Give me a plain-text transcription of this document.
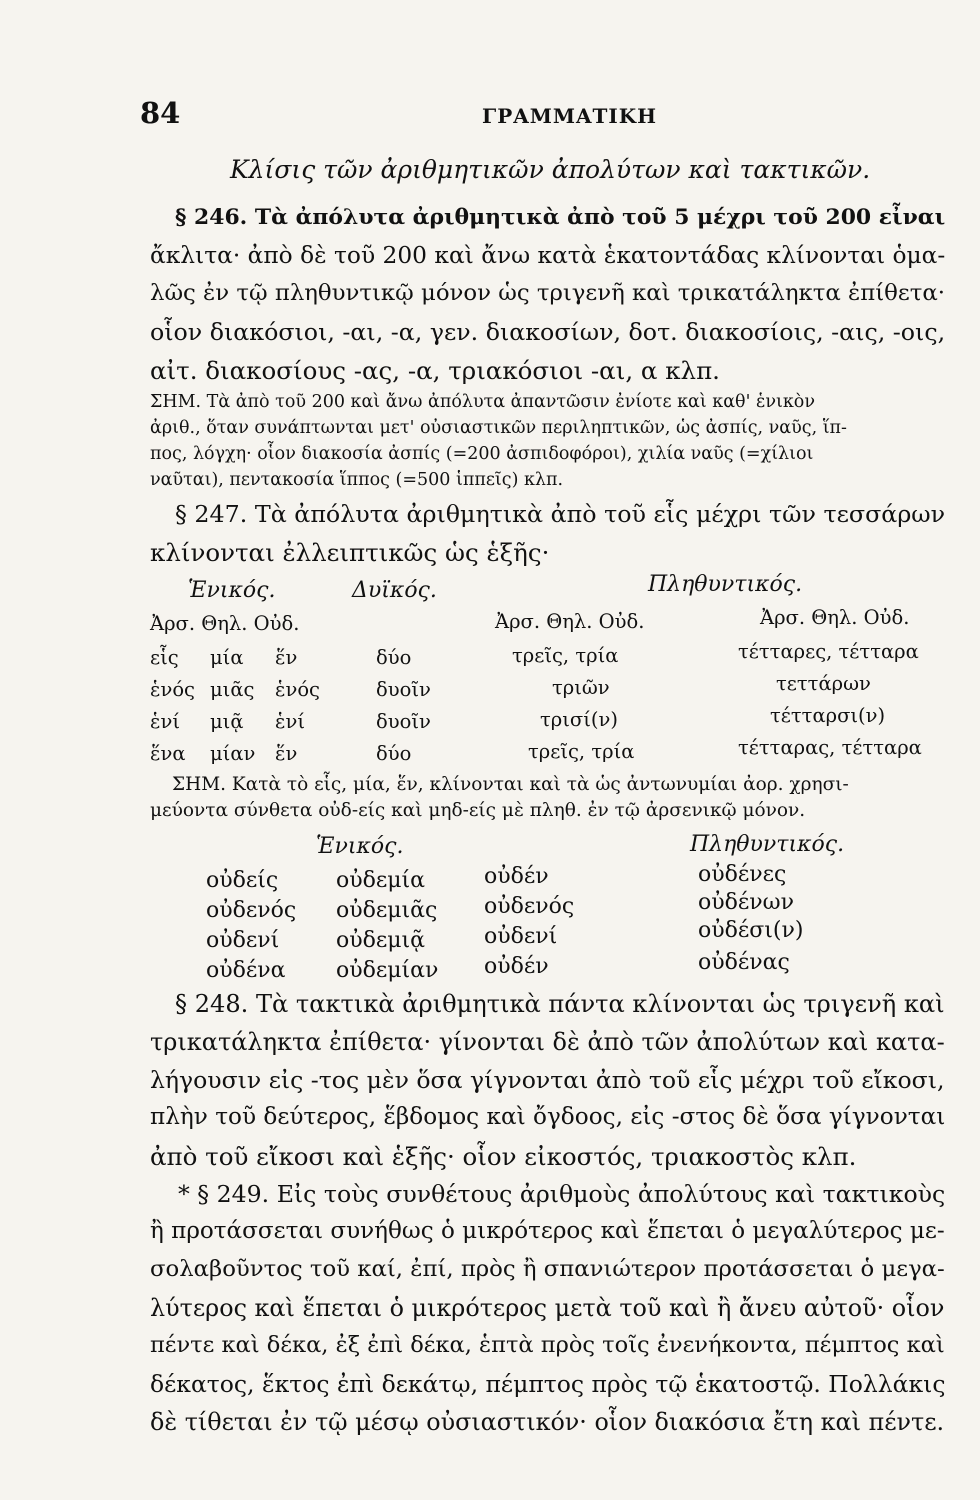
84	ΓΡΑΜΜΑΤΙΚΗ
Κλίσις τῶν ἀριθμητικῶν ἀπολύτων καὶ τακτικῶν.
§ 246. Τὰ ἀπόλυτα ἀριθμητικὰ ἀπὸ τοῦ 5 μέχρι τοῦ 200 εἶναι
ἄκλιτα· ἀπὸ δὲ τοῦ 200 καὶ ἄνω κατὰ ἑκατοντάδας κλίνονται ὁμα-
λῶς ἐν τῷ πληθυντικῷ μόνον ὡς τριγενῆ καὶ τρικατάληκτα ἐπίθετα·
οἷον διακόσιοι, -αι, -α, γεν. διακοσίων, δοτ. διακοσίοις, -αις, -οις,
αἰτ. διακοσίους -ας, -α, τριακόσιοι -αι, α κλπ.
ΣΗΜ. Τὰ ἀπὸ τοῦ 200 καὶ ἄνω ἀπόλυτα ἀπαντῶσιν ἐνίοτε καὶ καθ' ἑνικὸν
ἀριθ., ὅταν συνάπτωνται μετ' οὐσιαστικῶν περιληπτικῶν, ὡς ἀσπίς, ναῦς, ἵπ-
πος, λόγχη· οἷον διακοσία ἀσπίς (=200 ἀσπιδοφόροι), χιλία ναῦς (=χίλιοι
ναῦται), πεντακοσία ἵππος (=500 ἱππεῖς) κλπ.
§ 247. Τὰ ἀπόλυτα ἀριθμητικὰ ἀπὸ τοῦ εἷς μέχρι τῶν τεσσάρων
κλίνονται ἐλλειπτικῶς ὡς ἑξῆς·
Ἑνικός.	Δυϊκός.	Πληθυντικός.
Ἀρσ. Θηλ. Οὐδ.	Ἀρσ. Θηλ. Οὐδ.	Ἀρσ. Θηλ. Οὐδ.
εἷς μία ἕν	δύο	τρεῖς, τρία	τέτταρες, τέτταρα
ἑνός μιᾶς ἑνός	δυοῖν	τριῶν	τεττάρων
ἑνί μιᾷ ἑνί	δυοῖν	τρισί(ν)	τέτταρσι(ν)
ἕνα μίαν ἕν	δύο	τρεῖς, τρία	τέτταρας, τέτταρα
ΣΗΜ. Κατὰ τὸ εἷς, μία, ἕν, κλίνονται καὶ τὰ ὡς ἀντωνυμίαι ἀορ. χρησι-
μεύοντα σύνθετα οὐδ-είς καὶ μηδ-είς μὲ πληθ. ἐν τῷ ἀρσενικῷ μόνον.
Ἑνικός.	Πληθυντικός.
οὐδείς	οὐδεμία	οὐδέν	οὐδένες
οὐδενός οὐδεμιᾶς οὐδενός	οὐδένων
οὐδενί	οὐδεμιᾷ	οὐδενί	οὐδέσι(ν)
οὐδένα οὐδεμίαν οὐδέν	οὐδένας
§ 248. Τὰ τακτικὰ ἀριθμητικὰ πάντα κλίνονται ὡς τριγενῆ καὶ
τρικατάληκτα ἐπίθετα· γίνονται δὲ ἀπὸ τῶν ἀπολύτων καὶ κατα-
λήγουσιν εἰς -τος μὲν ὅσα γίγνονται ἀπὸ τοῦ εἷς μέχρι τοῦ εἴκοσι,
πλὴν τοῦ δεύτερος, ἕβδομος καὶ ὄγδοος, εἰς -στος δὲ ὅσα γίγνονται
ἀπὸ τοῦ εἴκοσι καὶ ἑξῆς· οἷον εἰκοστός, τριακοστὸς κλπ.
* § 249. Εἰς τοὺς συνθέτους ἀριθμοὺς ἀπολύτους καὶ τακτικοὺς
ἢ προτάσσεται συνήθως ὁ μικρότερος καὶ ἕπεται ὁ μεγαλύτερος με-
σολαβοῦντος τοῦ καί, ἐπί, πρὸς ἢ σπανιώτερον προτάσσεται ὁ μεγα-
λύτερος καὶ ἕπεται ὁ μικρότερος μετὰ τοῦ καὶ ἢ ἄνευ αὐτοῦ· οἷον
πέντε καὶ δέκα, ἐξ ἐπὶ δέκα, ἑπτὰ πρὸς τοῖς ἐνενήκοντα, πέμπτος καὶ
δέκατος, ἕκτος ἐπὶ δεκάτῳ, πέμπτος πρὸς τῷ ἑκατοστῷ. Πολλάκις
δὲ τίθεται ἐν τῷ μέσῳ οὐσιαστικόν· οἷον διακόσια ἔτη καὶ πέντε.
